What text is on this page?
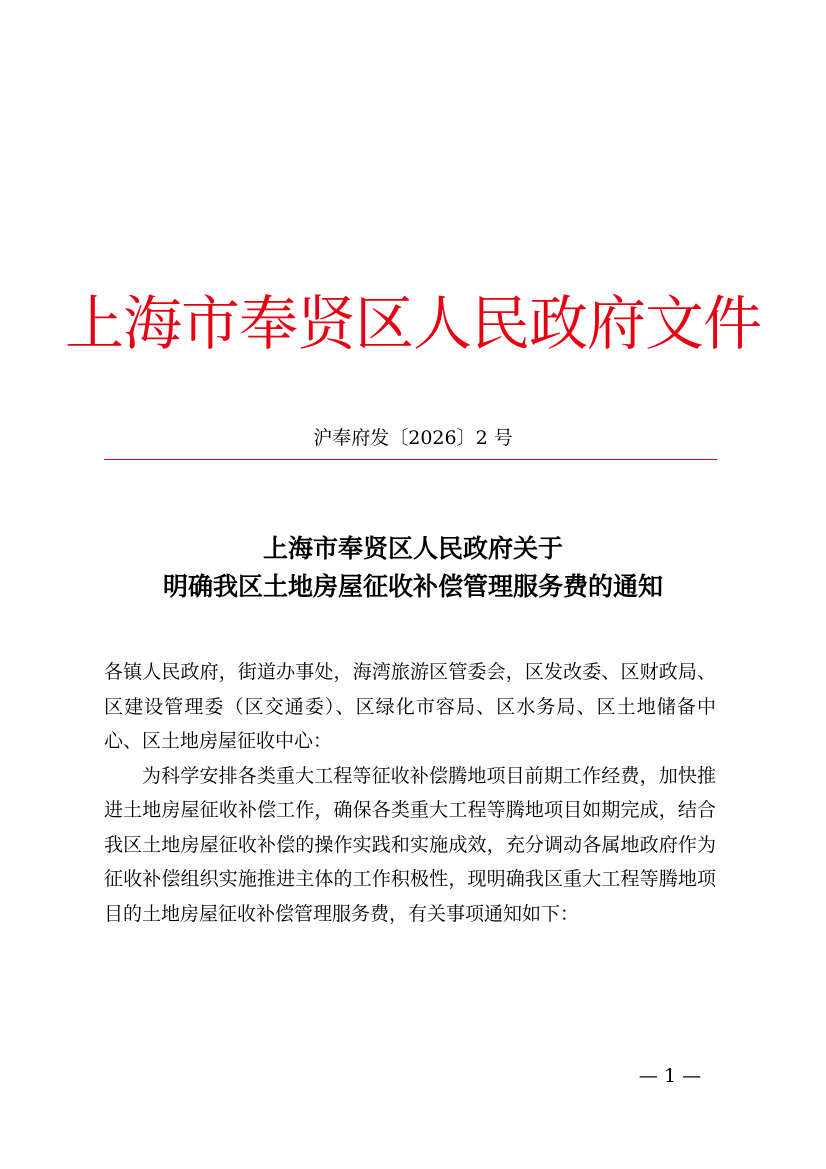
上海市奉贤区人民政府文件
沪奉府发〔2026〕2 号
上海市奉贤区人民政府关于
明确我区土地房屋征收补偿管理服务费的通知

各镇人民政府，街道办事处，海湾旅游区管委会，区发改委、区财政局、区建设管理委（区交通委）、区绿化市容局、区水务局、区土地储备中心、区土地房屋征收中心：

为科学安排各类重大工程等征收补偿腾地项目前期工作经费，加快推进土地房屋征收补偿工作，确保各类重大工程等腾地项目如期完成，结合我区土地房屋征收补偿的操作实践和实施成效，充分调动各属地政府作为征收补偿组织实施推进主体的工作积极性，现明确我区重大工程等腾地项目的土地房屋征收补偿管理服务费，有关事项通知如下：

— 1 —
